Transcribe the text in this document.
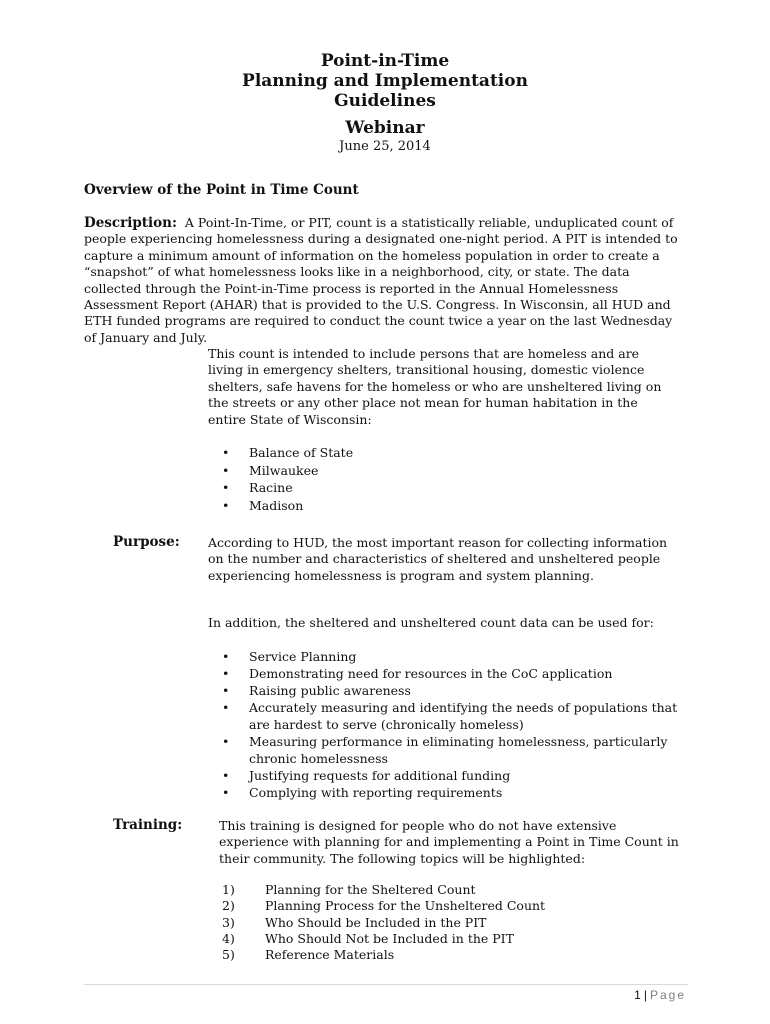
Point-in-Time

Planning and Implementation

Guidelines

Webinar
June 25, 2014
Overview of the Point in Time Count
Description: A Point-In-Time, or PIT, count is a statistically reliable, unduplicated count of people experiencing homelessness during a designated one-night period. A PIT is intended to capture a minimum amount of information on the homeless population in order to create a “snapshot” of what homelessness looks like in a neighborhood, city, or state. The data collected through the Point-in-Time process is reported in the Annual Homelessness Assessment Report (AHAR) that is provided to the U.S. Congress. In Wisconsin, all HUD and ETH funded programs are required to conduct the count twice a year on the last Wednesday of January and July.
This count is intended to include persons that are homeless and are living in emergency shelters, transitional housing, domestic violence shelters, safe havens for the homeless or who are unsheltered living on the streets or any other place not mean for human habitation in the entire State of Wisconsin:
• Balance of State
• Milwaukee
• Racine
• Madison
Purpose: According to HUD, the most important reason for collecting information on the number and characteristics of sheltered and unsheltered people experiencing homelessness is program and system planning.
In addition, the sheltered and unsheltered count data can be used for:
• Service Planning
• Demonstrating need for resources in the CoC application
• Raising public awareness
• Accurately measuring and identifying the needs of populations that are hardest to serve (chronically homeless)
• Measuring performance in eliminating homelessness, particularly chronic homelessness
• Justifying requests for additional funding
• Complying with reporting requirements
Training:	This training is designed for people who do not have extensive experience with planning for and implementing a Point in Time Count in their community. The following topics will be highlighted:
1) Planning for the Sheltered Count
2) Planning Process for the Unsheltered Count
3) Who Should be Included in the PIT
4) Who Should Not be Included in the PIT
5) Reference Materials
1 | Page
